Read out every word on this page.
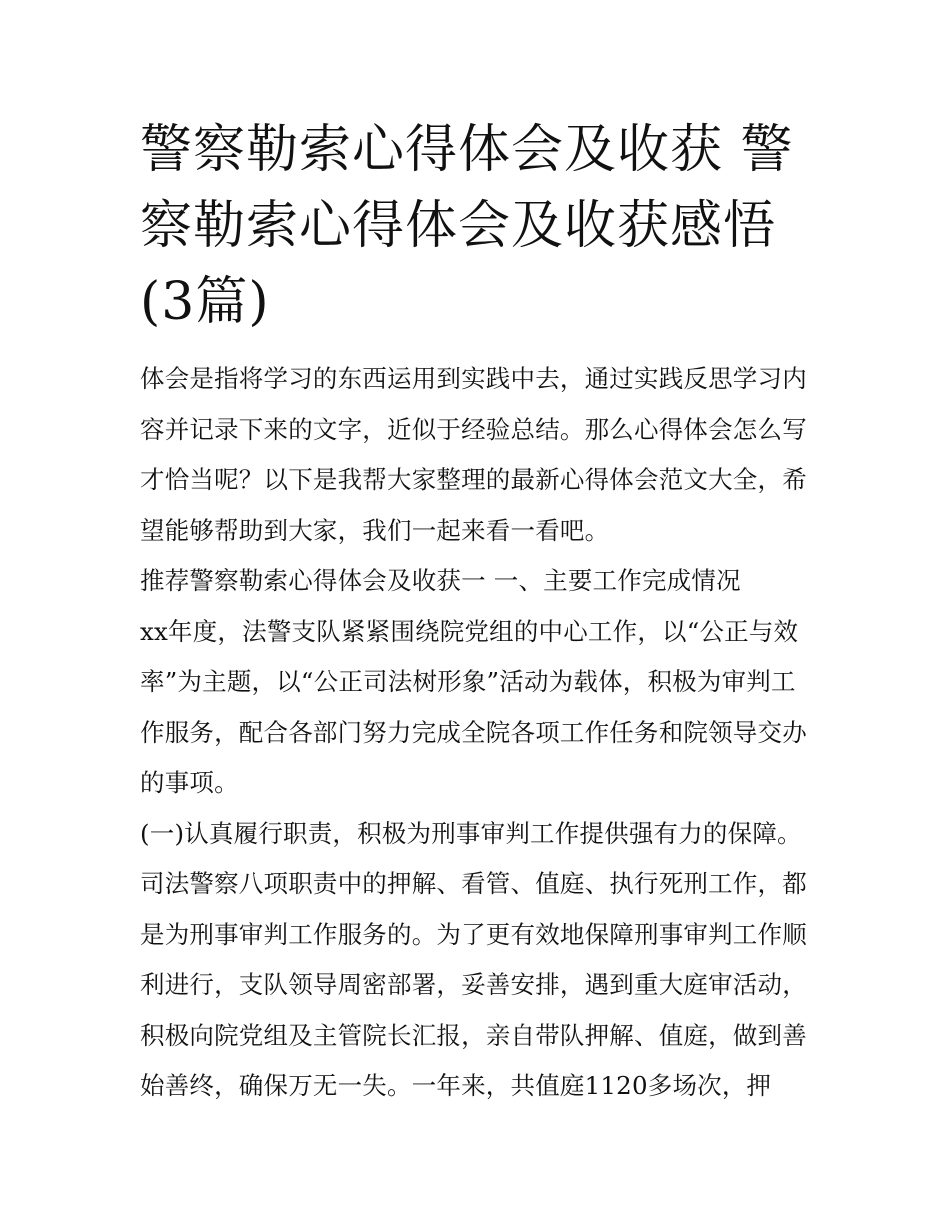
警察勒索心得体会及收获 警察勒索心得体会及收获感悟(3篇)

体会是指将学习的东西运用到实践中去，通过实践反思学习内容并记录下来的文字，近似于经验总结。那么心得体会怎么写才恰当呢？以下是我帮大家整理的最新心得体会范文大全，希望能够帮助到大家，我们一起来看一看吧。

推荐警察勒索心得体会及收获一 一、主要工作完成情况

xx年度，法警支队紧紧围绕院党组的中心工作，以“公正与效率”为主题，以“公正司法树形象”活动为载体，积极为审判工作服务，配合各部门努力完成全院各项工作任务和院领导交办的事项。

(一)认真履行职责，积极为刑事审判工作提供强有力的保障。

司法警察八项职责中的押解、看管、值庭、执行死刑工作，都是为刑事审判工作服务的。为了更有效地保障刑事审判工作顺利进行，支队领导周密部署，妥善安排，遇到重大庭审活动，积极向院党组及主管院长汇报，亲自带队押解、值庭，做到善始善终，确保万无一失。一年来，共值庭1120多场次，押
